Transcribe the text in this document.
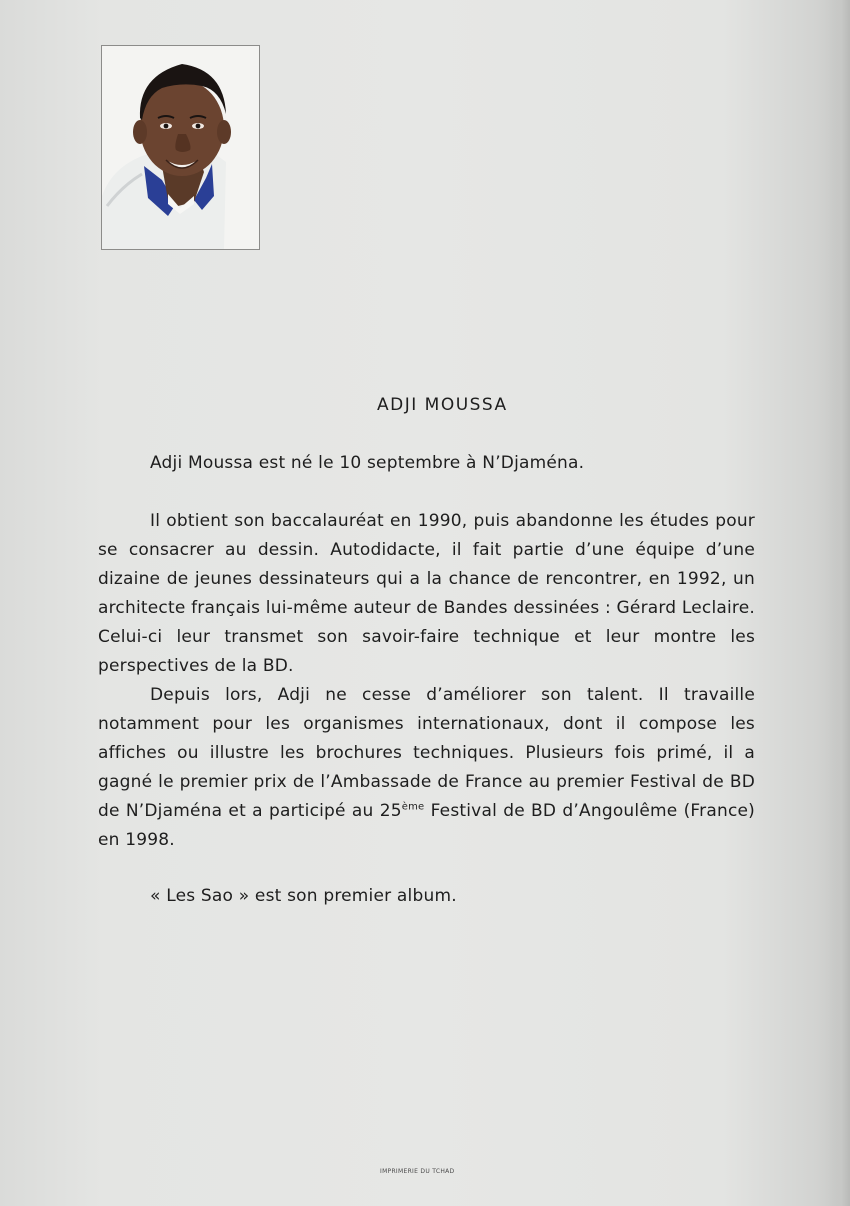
ADJI MOUSSA
Adji Moussa est né le 10 septembre à N’Djaména.
Il obtient son baccalauréat en 1990, puis abandonne les études pour se consacrer au dessin. Autodidacte, il fait partie d’une équipe d’une dizaine de jeunes dessinateurs qui a la chance de rencontrer, en 1992, un architecte français lui-même auteur de Bandes dessinées : Gérard Leclaire. Celui-ci leur transmet son savoir-faire technique et leur montre les perspectives de la BD.
Depuis lors, Adji ne cesse d’améliorer son talent. Il travaille notamment pour les organismes internationaux, dont il compose les affiches ou illustre les brochures techniques. Plusieurs fois primé, il a gagné le premier prix de l’Ambassade de France au premier Festival de BD de N’Djaména et a participé au 25ème Festival de BD d’Angoulême (France) en 1998.
« Les Sao » est son premier album.
IMPRIMERIE DU TCHAD
